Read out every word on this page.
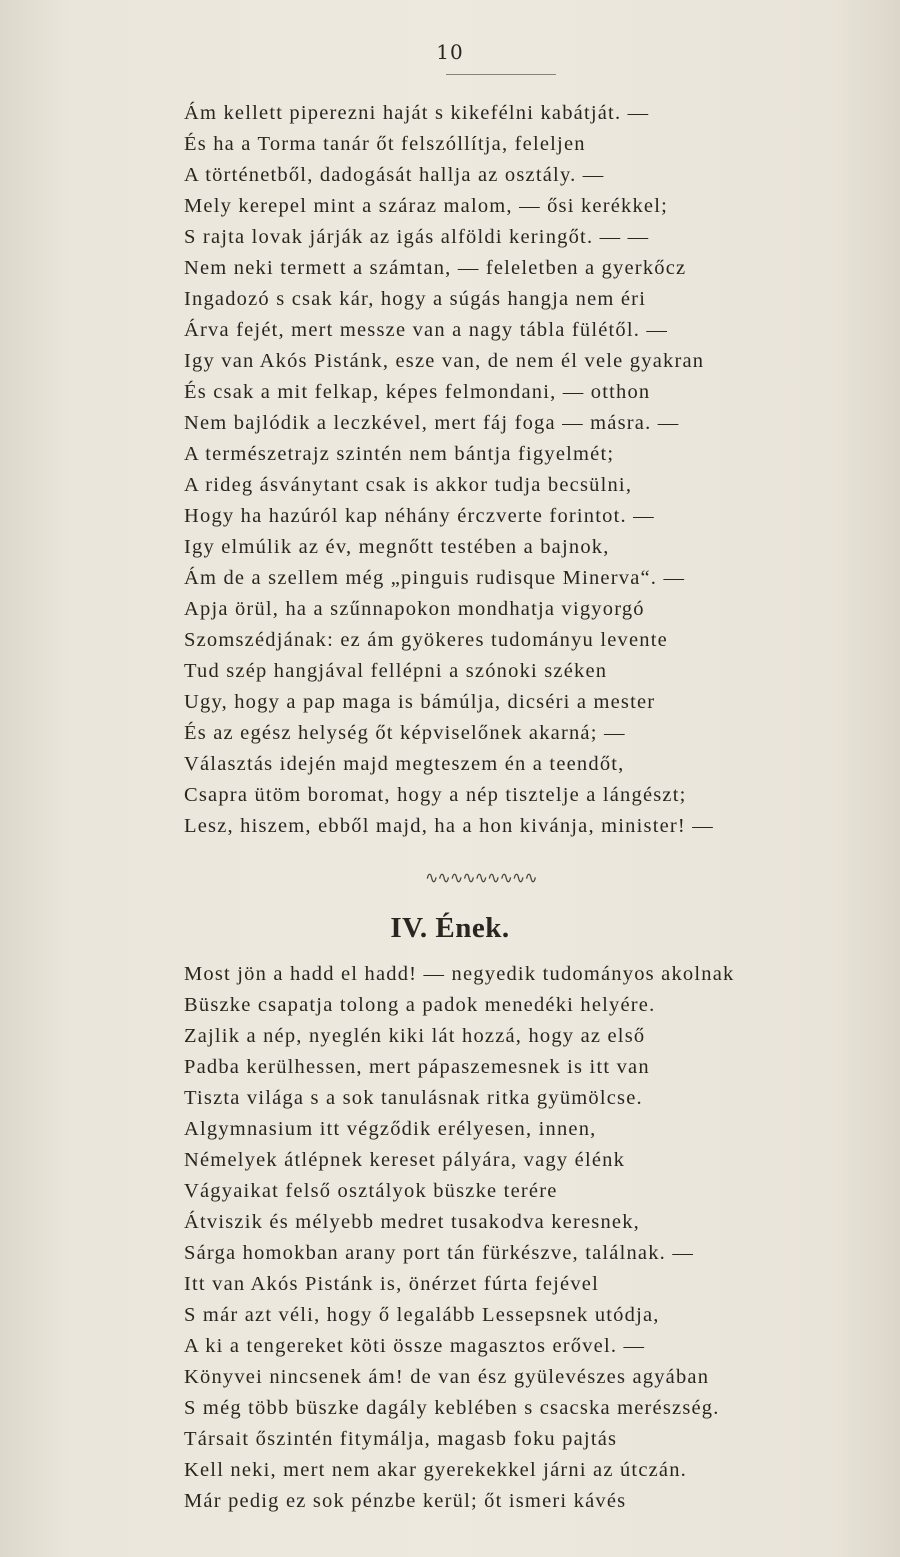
10
Ám kellett piperezni haját s kikefélni kabátját. —
És ha a Torma tanár őt felszóllítja, feleljen
A történetből, dadogását hallja az osztály. —
Mely kerepel mint a száraz malom, — ősi kerékkel;
S rajta lovak járják az igás alföldi keringőt. — —
Nem neki termett a számtan, — feleletben a gyerkőcz
Ingadozó s csak kár, hogy a súgás hangja nem éri
Árva fejét, mert messze van a nagy tábla fülétől. —
Igy van Akós Pistánk, esze van, de nem él vele gyakran
És csak a mit felkap, képes felmondani, — otthon
Nem bajlódik a leczkével, mert fáj foga — másra. —
A természetrajz szintén nem bántja figyelmét;
A rideg ásványtant csak is akkor tudja becsülni,
Hogy ha hazúról kap néhány érczverte forintot. —
Igy elmúlik az év, megnőtt testében a bajnok,
Ám de a szellem még „pinguis rudisque Minerva“. —
Apja örül, ha a szűnnapokon mondhatja vigyorgó
Szomszédjának: ez ám gyökeres tudományu levente
Tud szép hangjával fellépni a szónoki széken
Ugy, hogy a pap maga is bámúlja, dicséri a mester
És az egész helység őt képviselőnek akarná; —
Választás idején majd megteszem én a teendőt,
Csapra ütöm boromat, hogy a nép tisztelje a lángészt;
Lesz, hiszem, ebből majd, ha a hon kivánja, minister! —
∿∿∿∿∿∿∿∿∿
IV. Ének.
Most jön a hadd el hadd! — negyedik tudományos akolnak
Büszke csapatja tolong a padok menedéki helyére.
Zajlik a nép, nyeglén kiki lát hozzá, hogy az első
Padba kerülhessen, mert pápaszemesnek is itt van
Tiszta világa s a sok tanulásnak ritka gyümölcse.
Algymnasium itt végződik erélyesen, innen,
Némelyek átlépnek kereset pályára, vagy élénk
Vágyaikat felső osztályok büszke terére
Átviszik és mélyebb medret tusakodva keresnek,
Sárga homokban arany port tán fürkészve, találnak. —
Itt van Akós Pistánk is, önérzet fúrta fejével
S már azt véli, hogy ő legalább Lessepsnek utódja,
A ki a tengereket köti össze magasztos erővel. —
Könyvei nincsenek ám! de van ész gyülevészes agyában
S még több büszke dagály keblében s csacska merészség.
Társait őszintén fitymálja, magasb foku pajtás
Kell neki, mert nem akar gyerekekkel járni az útczán.
Már pedig ez sok pénzbe kerül; őt ismeri kávés
